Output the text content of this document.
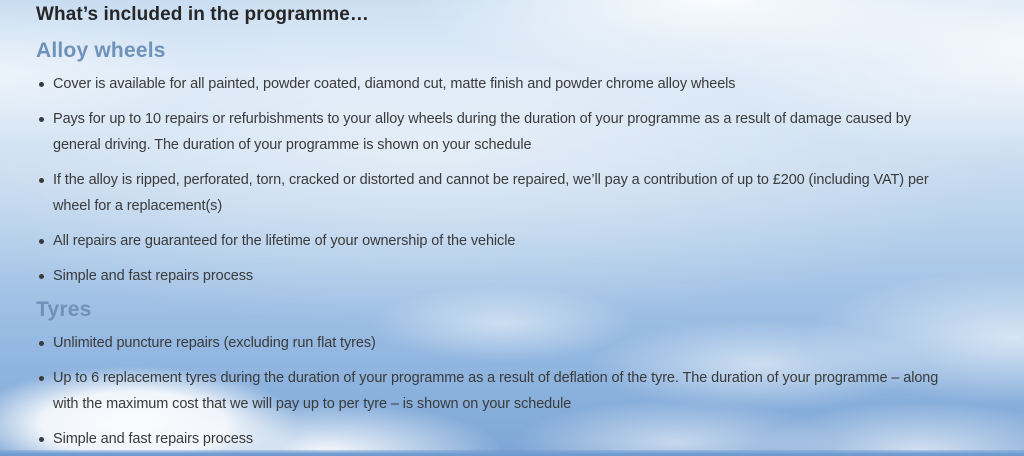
What’s included in the programme…
Alloy wheels
Cover is available for all painted, powder coated, diamond cut, matte finish and powder chrome alloy wheels
Pays for up to 10 repairs or refurbishments to your alloy wheels during the duration of your programme as a result of damage caused by general driving. The duration of your programme is shown on your schedule
If the alloy is ripped, perforated, torn, cracked or distorted and cannot be repaired, we’ll pay a contribution of up to £200 (including VAT) per wheel for a replacement(s)
All repairs are guaranteed for the lifetime of your ownership of the vehicle
Simple and fast repairs process
Tyres
Unlimited puncture repairs (excluding run flat tyres)
Up to 6 replacement tyres during the duration of your programme as a result of deflation of the tyre. The duration of your programme – along with the maximum cost that we will pay up to per tyre – is shown on your schedule
Simple and fast repairs process
